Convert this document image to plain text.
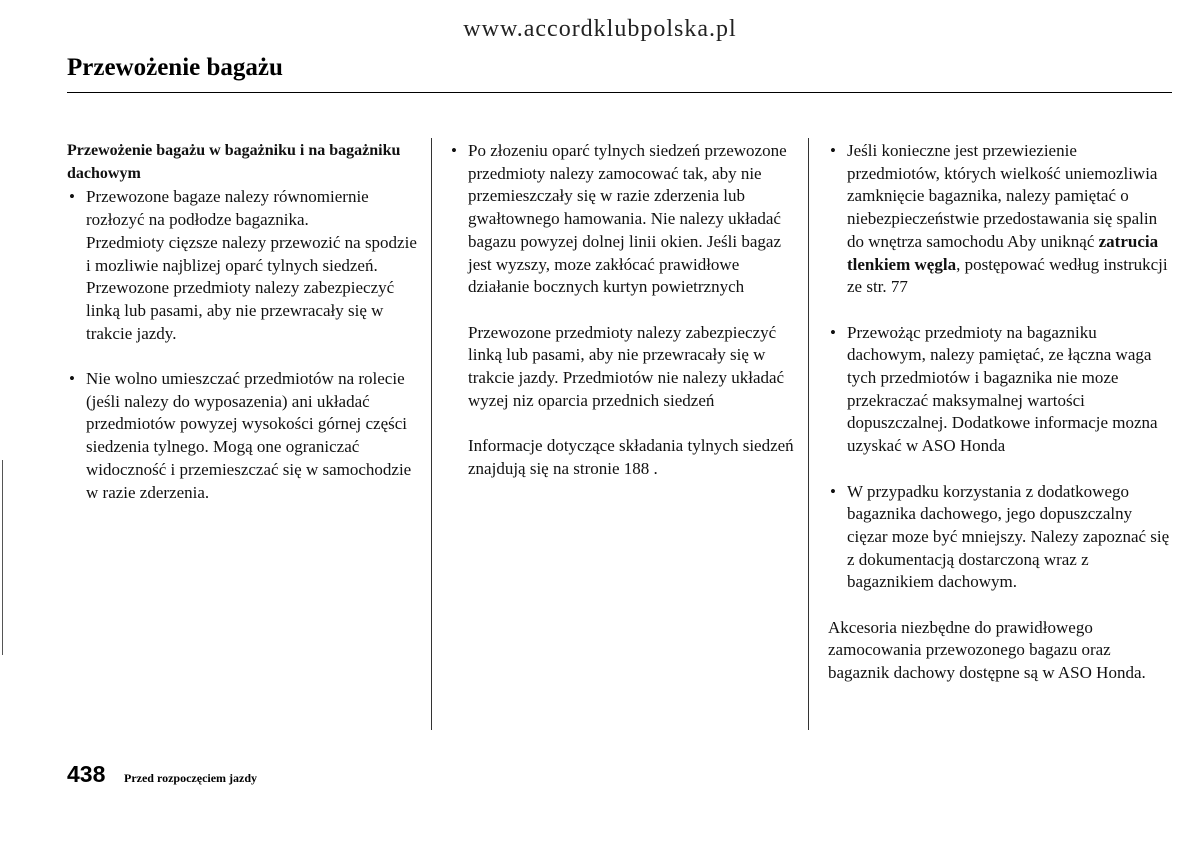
www.accordklubpolska.pl
Przewożenie bagażu
Przewożenie bagażu w bagażniku i na bagażniku dachowym
• Przewozone bagaze nalezy równomiernie rozłozyć na podłodze bagaznika.
Przedmioty cięzsze nalezy przewozić na spodzie i mozliwie najblizej oparć tylnych siedzeń.
Przewozone przedmioty nalezy zabezpieczyć linką lub pasami, aby nie przewracały się w trakcie jazdy.
• Nie wolno umieszczać przedmiotów na rolecie (jeśli nalezy do wyposazenia) ani układać przedmiotów powyzej wysokości górnej części siedzenia tylnego. Mogą one ograniczać widoczność i przemieszczać się w samochodzie w razie zderzenia.
• Po złozeniu oparć tylnych siedzeń przewozone przedmioty nalezy zamocować tak, aby nie przemieszczały się w razie zderzenia lub gwałtownego hamowania. Nie nalezy układać bagazu powyzej dolnej linii okien. Jeśli bagaz jest wyzszy, moze zakłócać prawidłowe działanie bocznych kurtyn powietrznych
Przewozone przedmioty nalezy zabezpieczyć linką lub pasami, aby nie przewracały się w trakcie jazdy. Przedmiotów nie nalezy układać wyzej niz oparcia przednich siedzeń
Informacje dotyczące składania tylnych siedzeń znajdują się na stronie 188 .
• Jeśli konieczne jest przewiezienie przedmiotów, których wielkość uniemozliwia zamknięcie bagaznika, nalezy pamiętać o niebezpieczeństwie przedostawania się spalin do wnętrza samochodu Aby uniknąć zatrucia tlenkiem węgla, postępować według instrukcji ze str. 77
• Przewożąc przedmioty na bagazniku dachowym, nalezy pamiętać, ze łączna waga tych przedmiotów i bagaznika nie moze przekraczać maksymalnej wartości dopuszczalnej. Dodatkowe informacje mozna uzyskać w ASO Honda
• W przypadku korzystania z dodatkowego bagaznika dachowego, jego dopuszczalny cięzar moze być mniejszy. Nalezy zapoznać się z dokumentacją dostarczoną wraz z bagaznikiem dachowym.
Akcesoria niezbędne do prawidłowego zamocowania przewozonego bagazu oraz bagaznik dachowy dostępne są w ASO Honda.
438 Przed rozpoczęciem jazdy
